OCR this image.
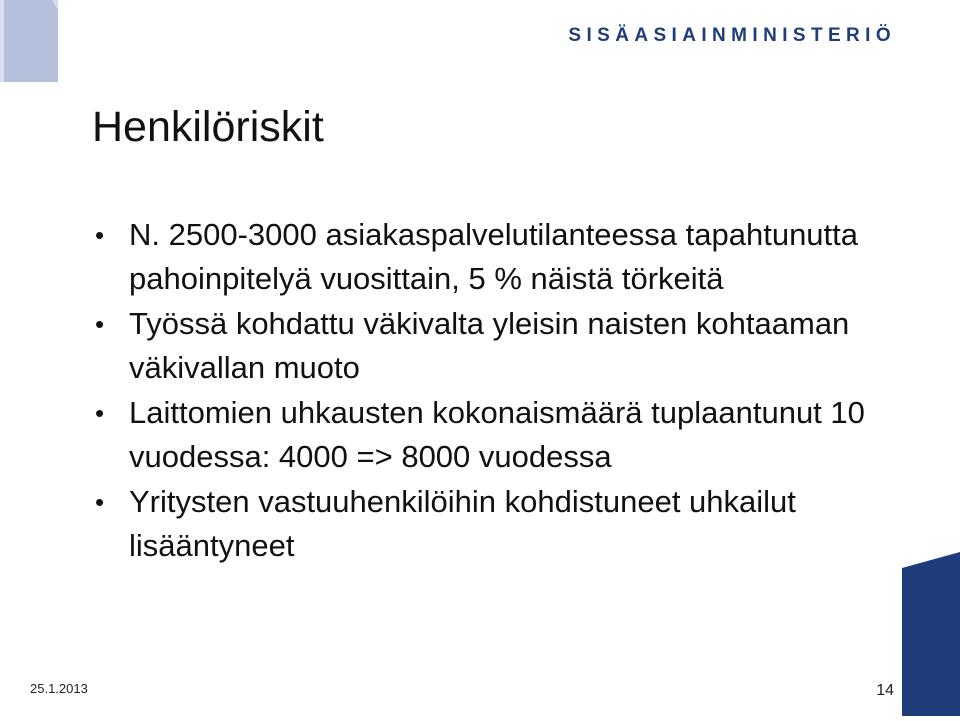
SISÄASIAINMINISTERIÖ
Henkilöriskit
• N. 2500-3000 asiakaspalvelutilanteessa tapahtunutta pahoinpitelyä vuosittain, 5 % näistä törkeitä
• Työssä kohdattu väkivalta yleisin naisten kohtaaman väkivallan muoto
• Laittomien uhkausten kokonaismäärä tuplaantunut 10 vuodessa: 4000 => 8000 vuodessa
• Yritysten vastuuhenkilöihin kohdistuneet uhkailut lisääntyneet
25.1.2013	14
